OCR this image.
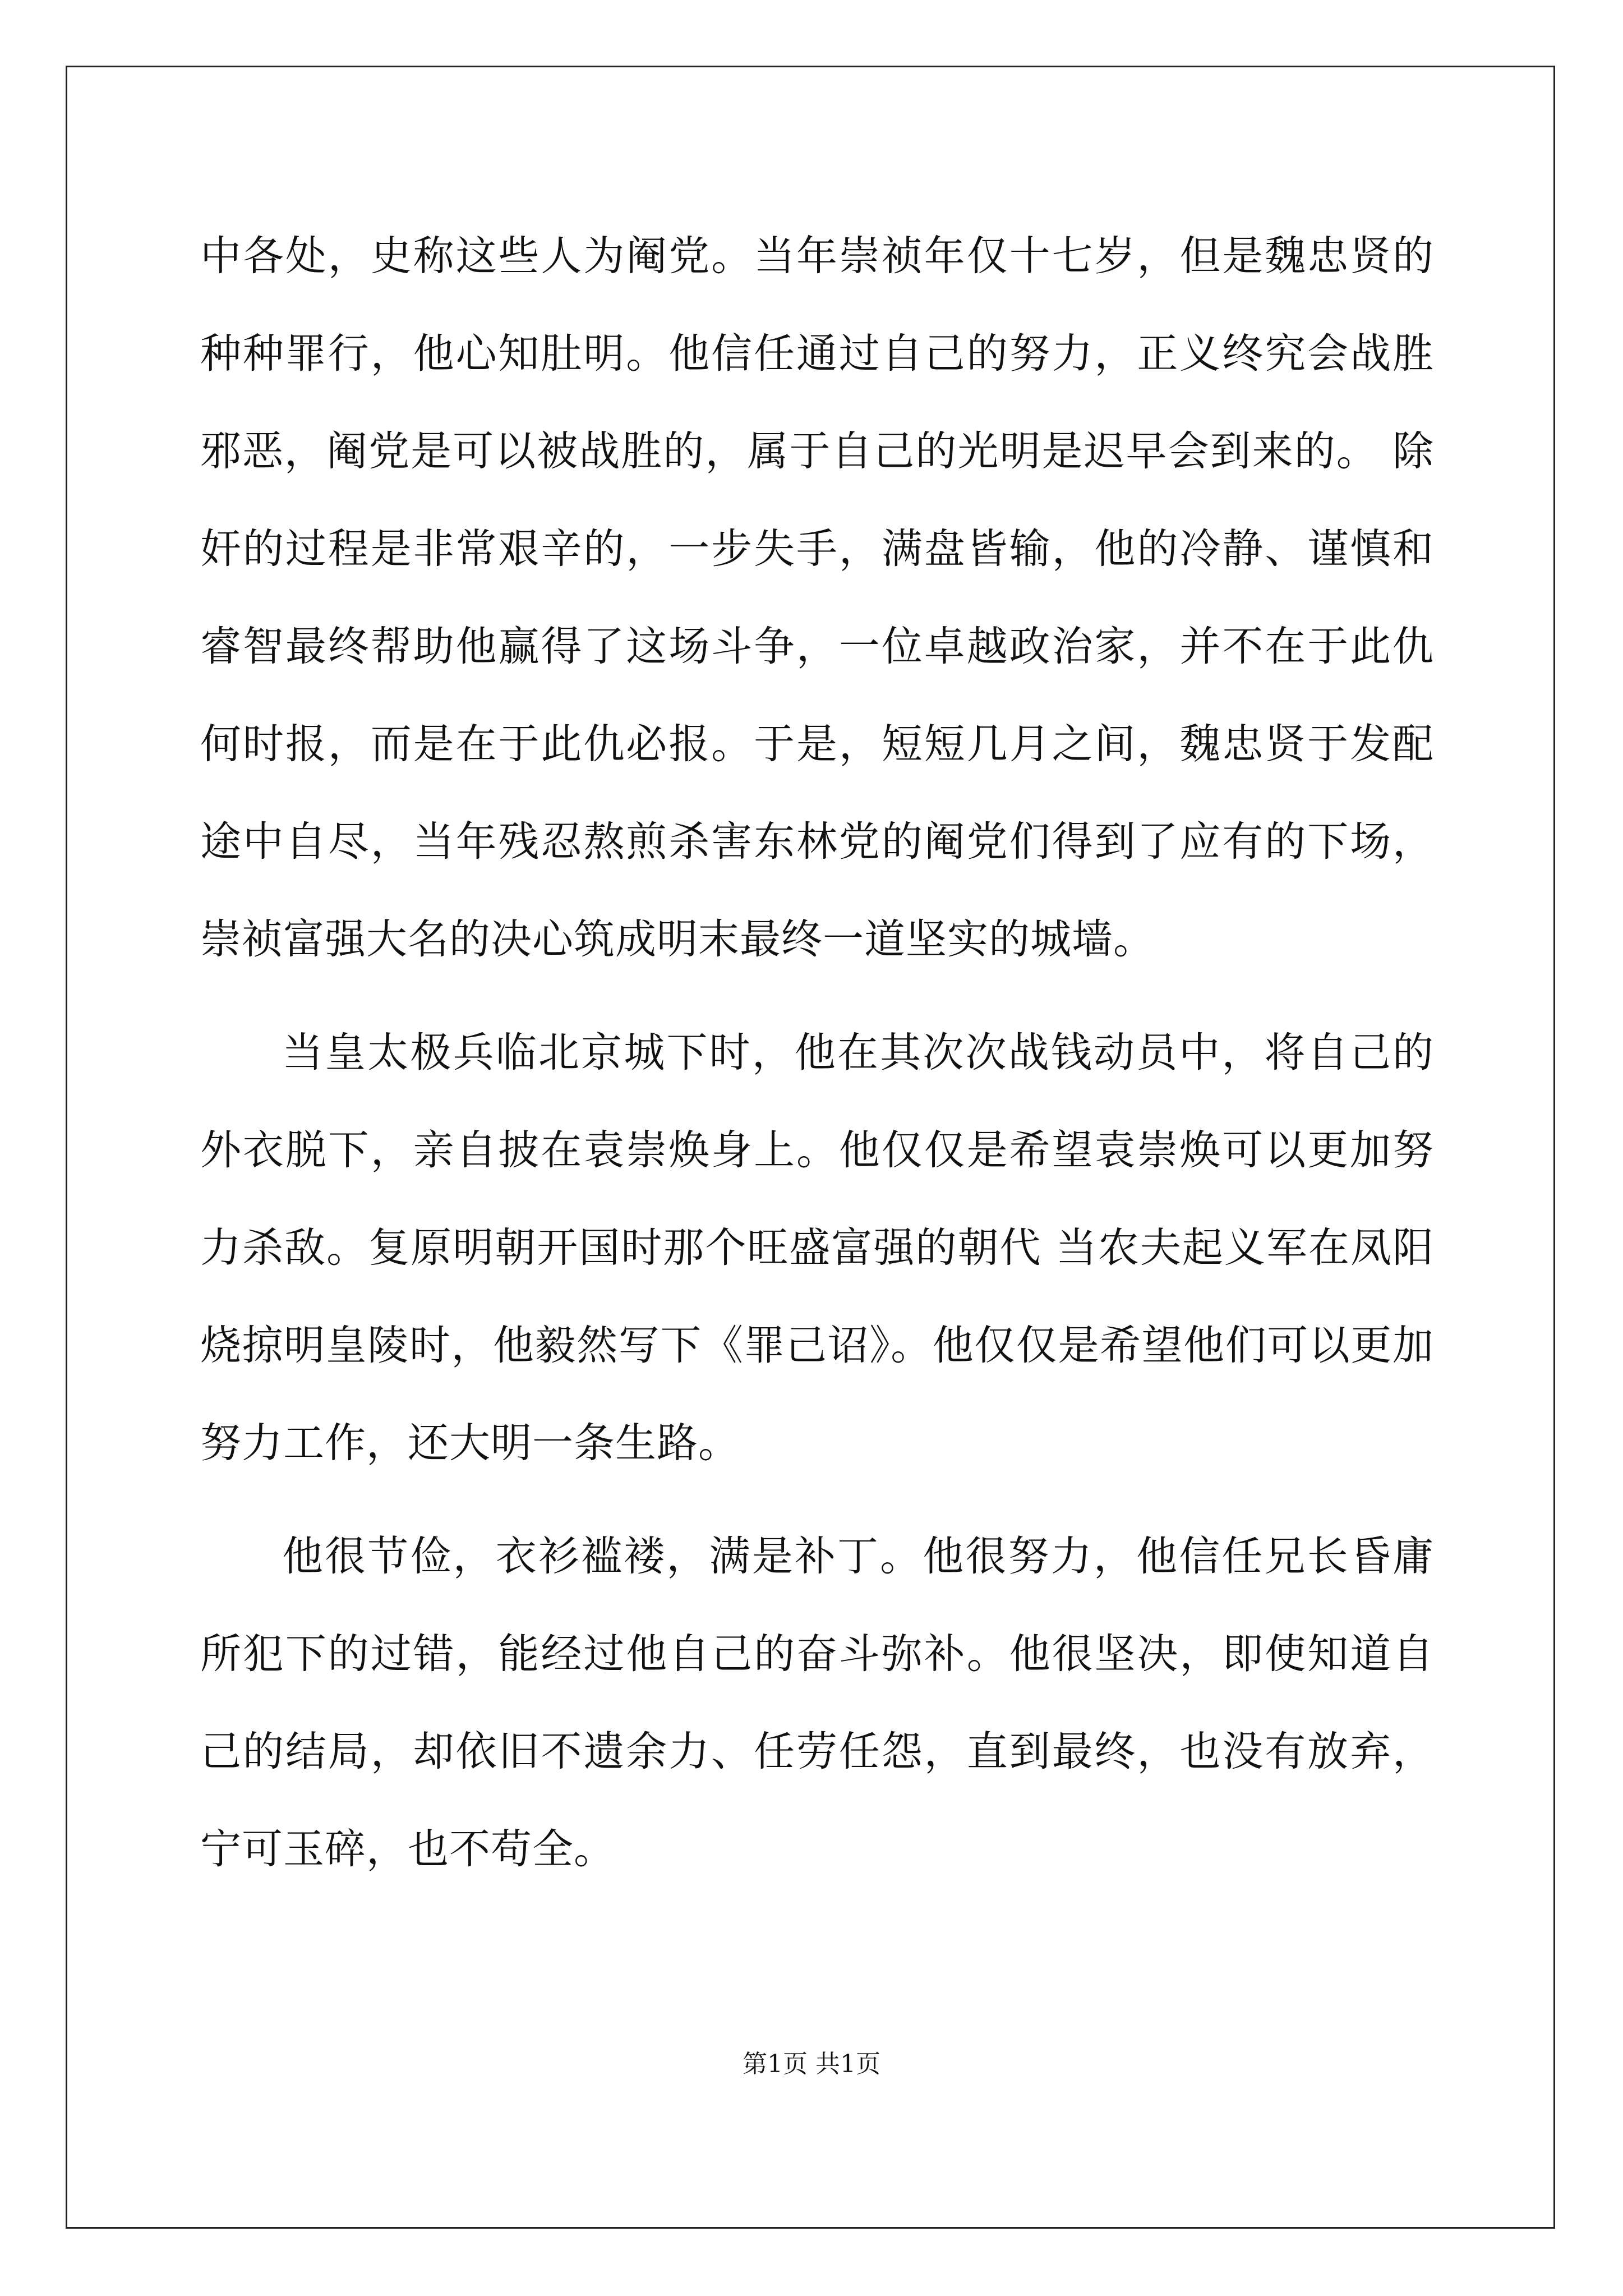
中各处，史称这些人为阉党。当年崇祯年仅十七岁，但是魏忠贤的种种罪行，他心知肚明。他信任通过自己的努力，正义终究会战胜邪恶，阉党是可以被战胜的，属于自己的光明是迟早会到来的。 除奸的过程是非常艰辛的，一步失手，满盘皆输，他的冷静、谨慎和睿智最终帮助他赢得了这场斗争，一位卓越政治家，并不在于此仇何时报，而是在于此仇必报。于是，短短几月之间，魏忠贤于发配途中自尽，当年残忍熬煎杀害东林党的阉党们得到了应有的下场，崇祯富强大名的决心筑成明末最终一道坚实的城墙。

当皇太极兵临北京城下时，他在其次次战钱动员中，将自己的外衣脱下，亲自披在袁崇焕身上。他仅仅是希望袁崇焕可以更加努力杀敌。复原明朝开国时那个旺盛富强的朝代 当农夫起义军在凤阳烧掠明皇陵时，他毅然写下《罪己诏》。他仅仅是希望他们可以更加努力工作，还大明一条生路。

他很节俭，衣衫褴褛，满是补丁。他很努力，他信任兄长昏庸所犯下的过错，能经过他自己的奋斗弥补。他很坚决，即使知道自己的结局，却依旧不遗余力、任劳任怨，直到最终，也没有放弃，宁可玉碎，也不苟全。

第1页 共1页
